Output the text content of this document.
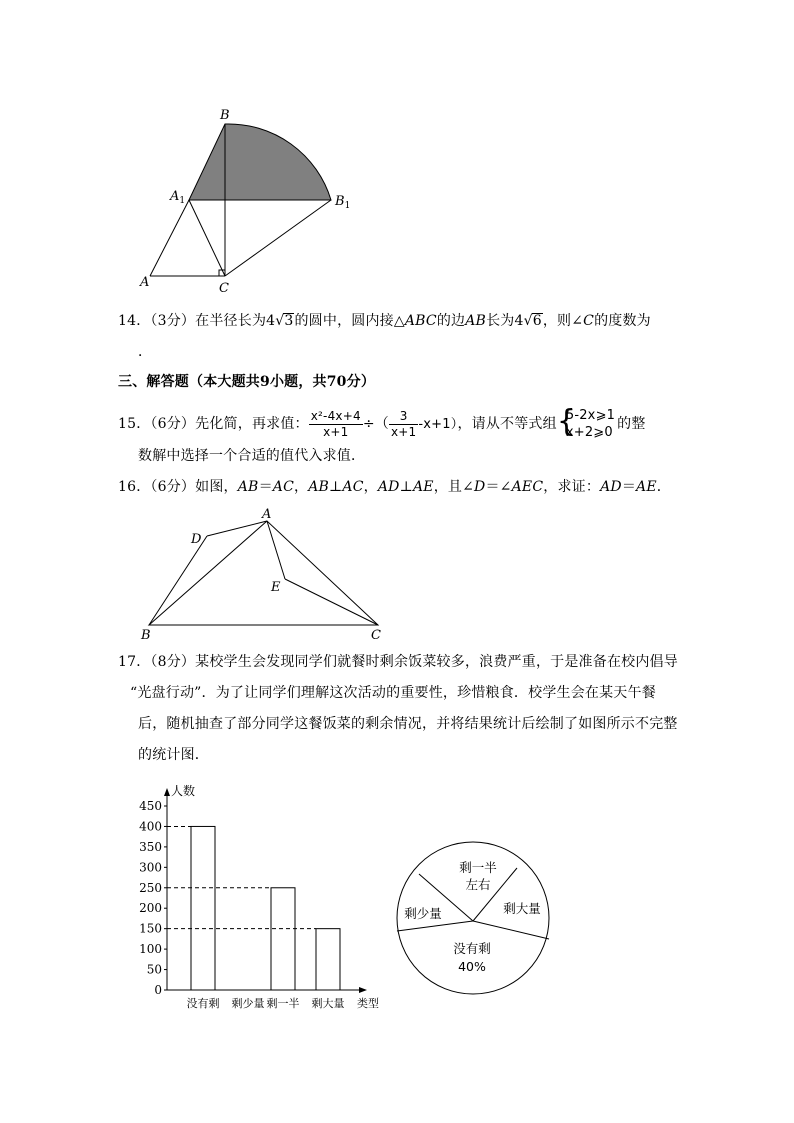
B
$A_1$	$B_1$
A	C
14．（3分）在半径长为4√3的圆中，圆内接△ABC的边AB长为4√6，则∠C的度数为
．
三、解答题（本大题共9小题，共70分）
15．（6分）先化简，再求值： $\frac{\text{x²-4x+4}}{x+1}$ ÷（ $\frac{3}{x+1} -x+1$），请从不等式组 {
5-2x⩾1
x+2⩾0
的整
数解中选择一个合适的值代入求值．
16．（6分）如图，AB＝AC，AB⊥AC，AD⊥AE，且∠D＝∠AEC，求证：AD＝AE．
A
D
E
B	C
17．（8分）某校学生会发现同学们就餐时剩余饭菜较多，浪费严重，于是准备在校内倡导
“光盘行动”．为了让同学们理解这次活动的重要性，珍惜粮食．校学生会在某天午餐
后，随机抽查了部分同学这餐饭菜的剩余情况，并将结果统计后绘制了如图所示不完整
的统计图．
人数
0
50
100
150
200
250
300
350
400
450
没有剩 剩少量 剩一半 剩大量 类型
剩一半
左右
剩大量
没有剩
40%
剩少量
